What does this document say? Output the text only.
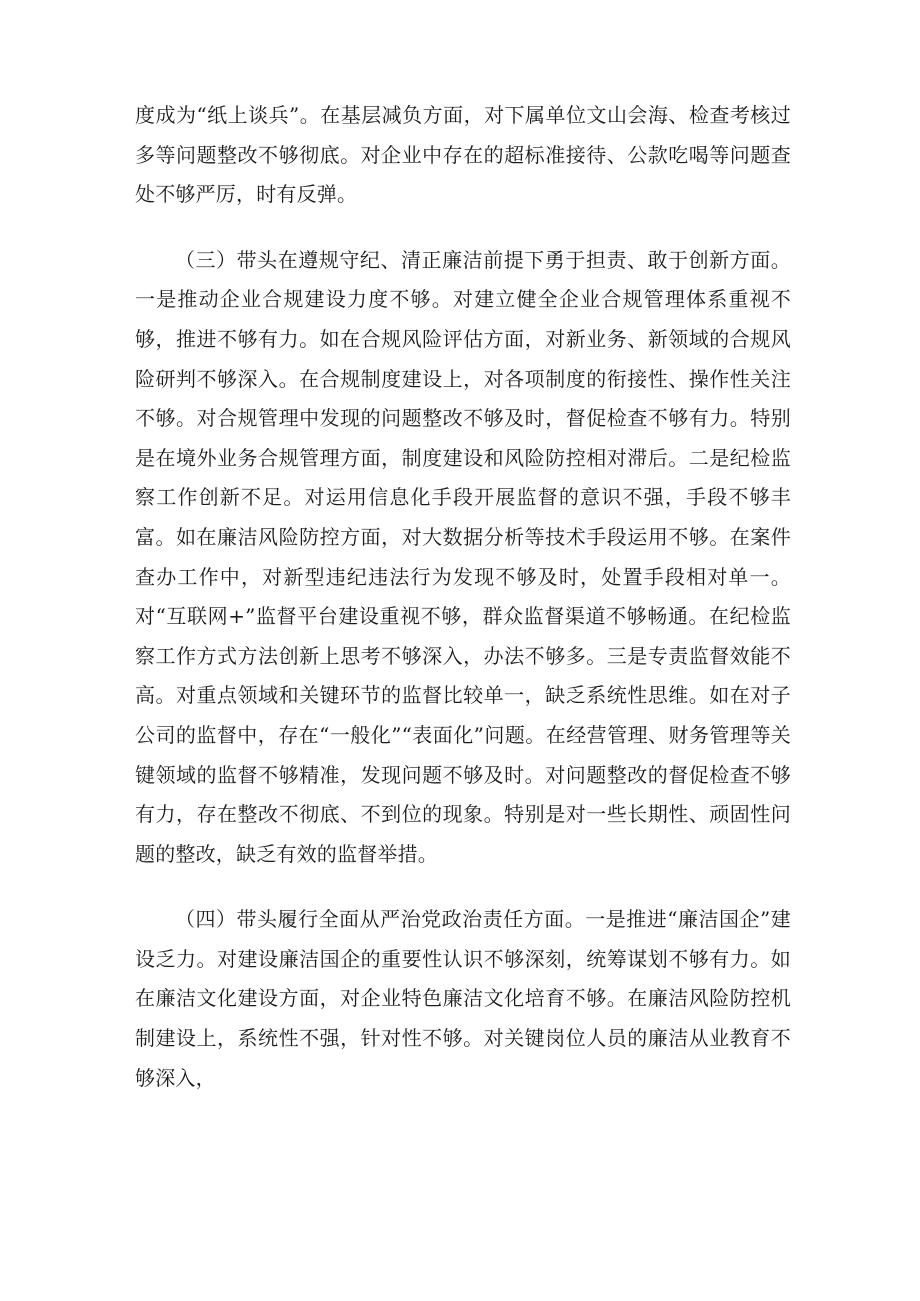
度成为“纸上谈兵”。在基层减负方面，对下属单位文山会海、检查考核过多等问题整改不够彻底。对企业中存在的超标准接待、公款吃喝等问题查处不够严厉，时有反弹。

（三）带头在遵规守纪、清正廉洁前提下勇于担责、敢于创新方面。一是推动企业合规建设力度不够。对建立健全企业合规管理体系重视不够，推进不够有力。如在合规风险评估方面，对新业务、新领域的合规风险研判不够深入。在合规制度建设上，对各项制度的衔接性、操作性关注不够。对合规管理中发现的问题整改不够及时，督促检查不够有力。特别是在境外业务合规管理方面，制度建设和风险防控相对滞后。二是纪检监察工作创新不足。对运用信息化手段开展监督的意识不强，手段不够丰富。如在廉洁风险防控方面，对大数据分析等技术手段运用不够。在案件查办工作中，对新型违纪违法行为发现不够及时，处置手段相对单一。对“互联网+”监督平台建设重视不够，群众监督渠道不够畅通。在纪检监察工作方式方法创新上思考不够深入，办法不够多。三是专责监督效能不高。对重点领域和关键环节的监督比较单一，缺乏系统性思维。如在对子公司的监督中，存在“一般化”“表面化”问题。在经营管理、财务管理等关键领域的监督不够精准，发现问题不够及时。对问题整改的督促检查不够有力，存在整改不彻底、不到位的现象。特别是对一些长期性、顽固性问题的整改，缺乏有效的监督举措。

（四）带头履行全面从严治党政治责任方面。一是推进“廉洁国企”建设乏力。对建设廉洁国企的重要性认识不够深刻，统筹谋划不够有力。如在廉洁文化建设方面，对企业特色廉洁文化培育不够。在廉洁风险防控机制建设上，系统性不强，针对性不够。对关键岗位人员的廉洁从业教育不够深入，
